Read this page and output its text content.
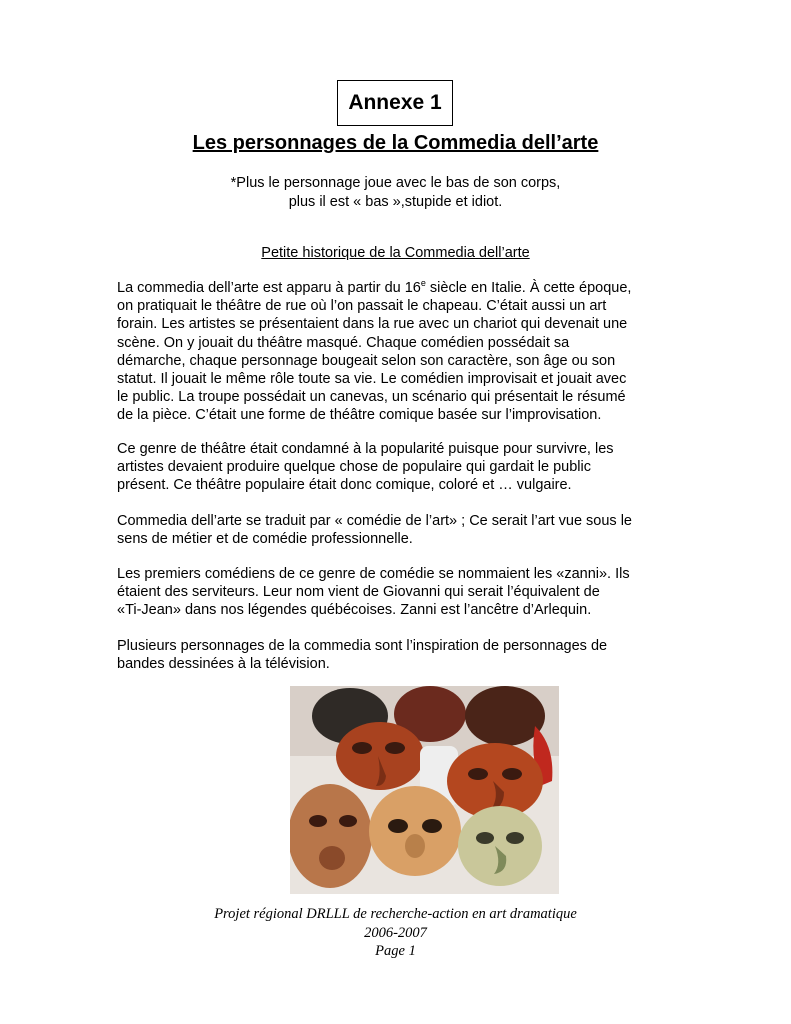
Annexe 1
Les personnages de la Commedia dell’arte
*Plus le personnage joue avec le bas de son corps,
plus il est « bas »,stupide et idiot.
Petite historique de la Commedia dell’arte
La commedia dell’arte est apparu à partir du 16e siècle en Italie. À cette époque,
on pratiquait le théâtre de rue où l’on passait le chapeau. C’était aussi un art
forain. Les artistes se présentaient dans la rue avec un chariot qui devenait une
scène. On y jouait du théâtre masqué. Chaque comédien possédait sa
démarche, chaque personnage bougeait selon son caractère, son âge ou son
statut. Il jouait le même rôle toute sa vie. Le comédien improvisait et jouait avec
le public. La troupe possédait un canevas, un scénario qui présentait le résumé
de la pièce. C’était une forme de théâtre comique basée sur l’improvisation.
Ce genre de théâtre était condamné à la popularité puisque pour survivre, les
artistes devaient produire quelque chose de populaire qui gardait le public
présent. Ce théâtre populaire était donc comique, coloré et … vulgaire.
Commedia dell’arte se traduit par « comédie de l’art» ; Ce serait l’art vue sous le
sens de métier et de comédie professionnelle.
Les premiers comédiens de ce genre de comédie se nommaient les «zanni». Ils
étaient des serviteurs. Leur nom vient de Giovanni qui serait l’équivalent de
«Ti-Jean» dans nos légendes québécoises. Zanni est l’ancêtre d’Arlequin.
Plusieurs personnages de la commedia sont l’inspiration de personnages de
bandes dessinées à la télévision.
Projet régional DRLLL de recherche-action en art dramatique
2006-2007
Page 1
